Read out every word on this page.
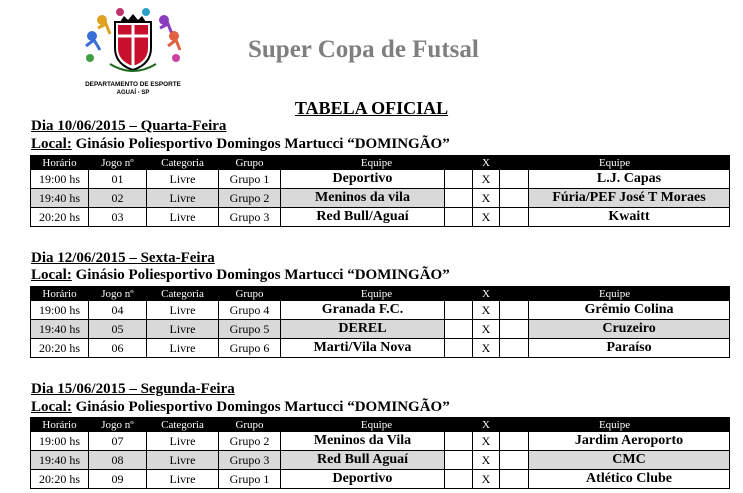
DEPARTAMENTO DE ESPORTE
AGUAÍ - SP
Super Copa de Futsal
TABELA OFICIAL
Dia 10/06/2015 – Quarta-Feira
Local: Ginásio Poliesportivo Domingos Martucci “DOMINGÃO”
Horário	Jogo nº	Categoria	Grupo	Equipe		X	Equipe	
19:00 hs	01	Livre	Grupo 1	Deportivo		X		L.J. Capas
19:40 hs	02	Livre	Grupo 2	Meninos da vila		X		Fúria/PEF José T Moraes
20:20 hs	03	Livre	Grupo 3	Red Bull/Aguaí		X		Kwaitt
Dia 12/06/2015 – Sexta-Feira
Local: Ginásio Poliesportivo Domingos Martucci “DOMINGÃO”
Horário	Jogo nº	Categoria	Grupo	Equipe		X	Equipe	
19:00 hs	04	Livre	Grupo 4	Granada F.C.		X		Grêmio Colina
19:40 hs	05	Livre	Grupo 5	DEREL		X		Cruzeiro
20:20 hs	06	Livre	Grupo 6	Marti/Vila Nova		X		Paraíso
Dia 15/06/2015 – Segunda-Feira
Local: Ginásio Poliesportivo Domingos Martucci “DOMINGÃO”
Horário	Jogo nº	Categoria	Grupo	Equipe		X	Equipe	
19:00 hs	07	Livre	Grupo 2	Meninos da Vila		X		Jardim Aeroporto
19:40 hs	08	Livre	Grupo 3	Red Bull Aguaí		X		CMC
20:20 hs	09	Livre	Grupo 1	Deportivo		X		Atlético Clube
